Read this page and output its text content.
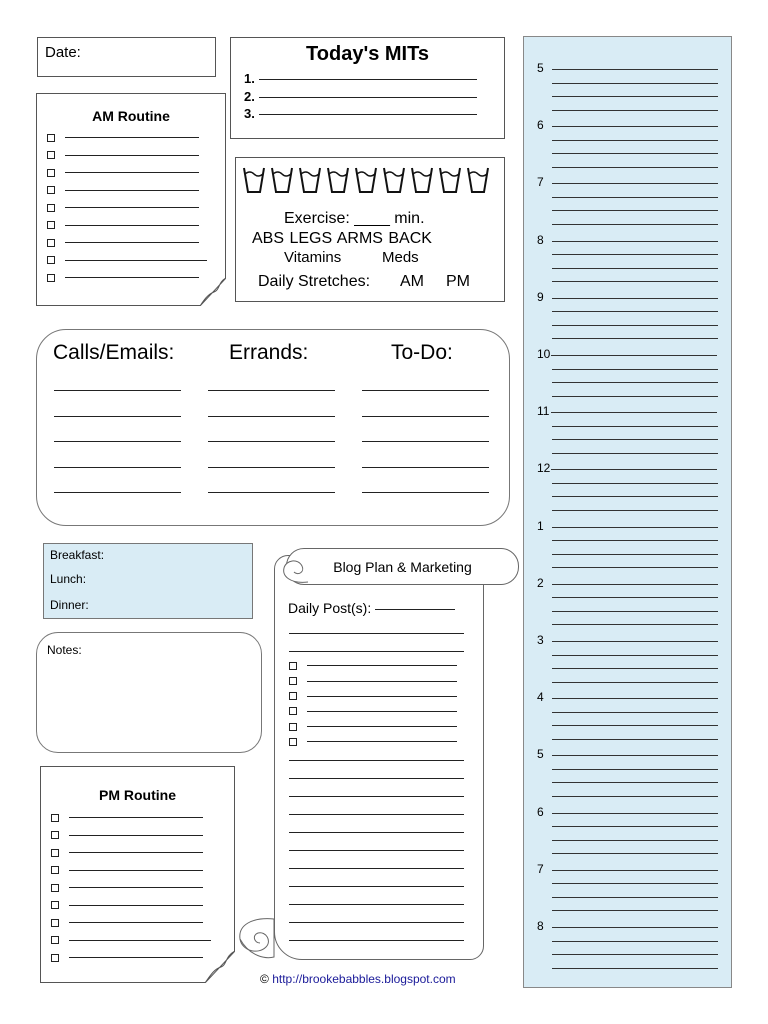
Date:	Today's MITs
1.
2.
3.
AM Routine
Exercise: ____ min.
ABS LEGS ARMS BACK
Vitamins	Meds
Daily Stretches: AM PM
Calls/Emails:	Errands:	To-Do:
Breakfast:
Lunch:
Dinner:
Notes:
Blog Plan & Marketing
Daily Post(s):
PM Routine
5
6
7
8
9
10
11
12
1
2
3
4
5
6
7
8
© http://brookebabbles.blogspot.com
